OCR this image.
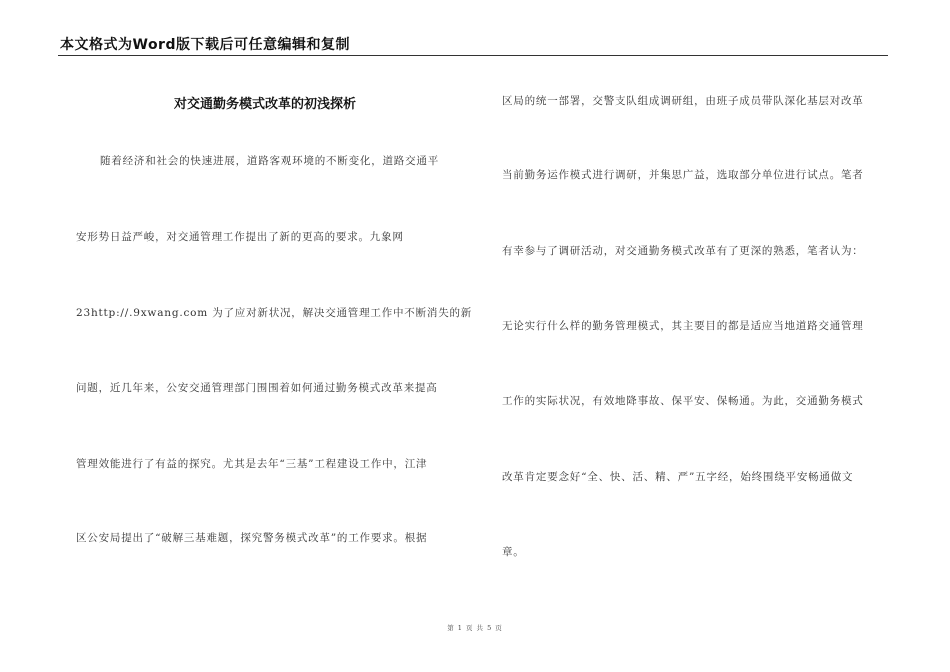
本文格式为Word版下载后可任意编辑和复制
对交通勤务模式改革的初浅探析
随着经济和社会的快速进展，道路客观环境的不断变化，道路交通平
安形势日益严峻，对交通管理工作提出了新的更高的要求。九象网
23http://.9xwang.com 为了应对新状况，解决交通管理工作中不断消失的新
问题，近几年来，公安交通管理部门围围着如何通过勤务模式改革来提高
管理效能进行了有益的探究。尤其是去年“三基”工程建设工作中，江津
区公安局提出了“破解三基难题，探究警务模式改革”的工作要求。根据
区局的统一部署，交警支队组成调研组，由班子成员带队深化基层对改革
当前勤务运作模式进行调研，并集思广益，选取部分单位进行试点。笔者
有幸参与了调研活动，对交通勤务模式改革有了更深的熟悉，笔者认为：
无论实行什么样的勤务管理模式，其主要目的都是适应当地道路交通管理
工作的实际状况，有效地降事故、保平安、保畅通。为此，交通勤务模式
改革肯定要念好“全、快、活、精、严”五字经，始终围绕平安畅通做文
章。
第 1 页 共 5 页
